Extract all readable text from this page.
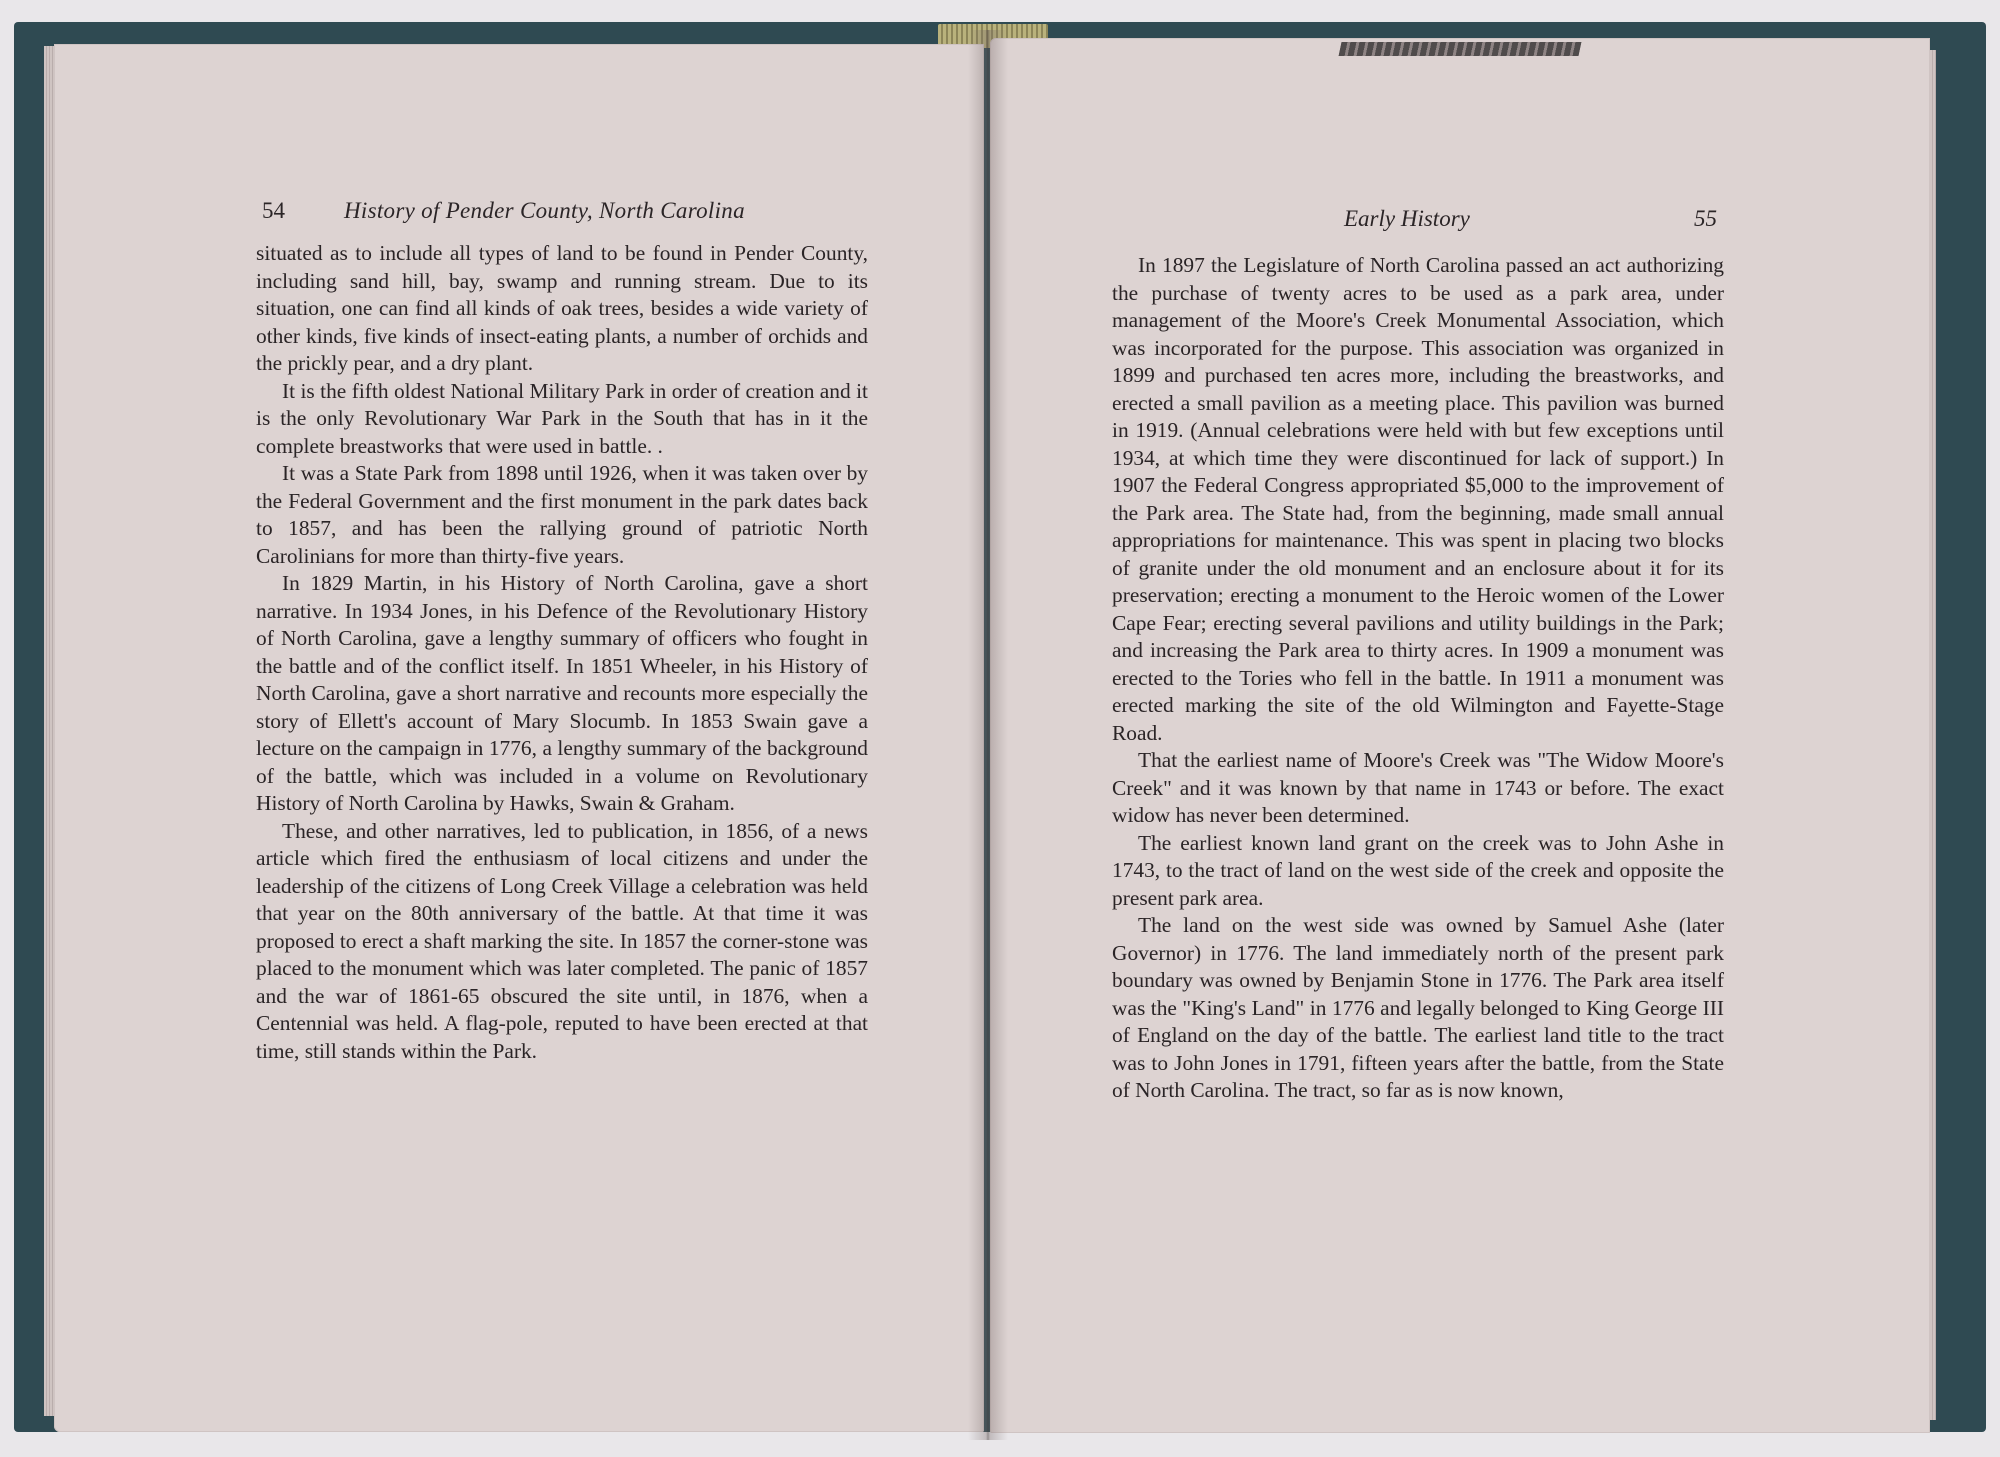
54	History of Pender County, North Carolina

situated as to include all types of land to be found in Pender County, including sand hill, bay, swamp and running stream. Due to its situation, one can find all kinds of oak trees, besides a wide variety of other kinds, five kinds of insect-eating plants, a number of orchids and the prickly pear, and a dry plant.

It is the fifth oldest National Military Park in order of creation and it is the only Revolutionary War Park in the South that has in it the complete breastworks that were used in battle. .

It was a State Park from 1898 until 1926, when it was taken over by the Federal Government and the first monument in the park dates back to 1857, and has been the rallying ground of patriotic North Carolinians for more than thirty-five years.

In 1829 Martin, in his History of North Carolina, gave a short narrative. In 1934 Jones, in his Defence of the Revolutionary History of North Carolina, gave a lengthy summary of officers who fought in the battle and of the conflict itself. In 1851 Wheeler, in his History of North Carolina, gave a short narrative and recounts more especially the story of Ellett's account of Mary Slocumb. In 1853 Swain gave a lecture on the campaign in 1776, a lengthy summary of the background of the battle, which was included in a volume on Revolutionary History of North Carolina by Hawks, Swain & Graham.

These, and other narratives, led to publication, in 1856, of a news article which fired the enthusiasm of local citizens and under the leadership of the citizens of Long Creek Village a celebration was held that year on the 80th anniversary of the battle. At that time it was proposed to erect a shaft marking the site. In 1857 the corner-stone was placed to the monument which was later completed. The panic of 1857 and the war of 1861-65 obscured the site until, in 1876, when a Centennial was held. A flag-pole, reputed to have been erected at that time, still stands within the Park.

Early History	55

In 1897 the Legislature of North Carolina passed an act authorizing the purchase of twenty acres to be used as a park area, under management of the Moore's Creek Monumental Association, which was incorporated for the purpose. This association was organized in 1899 and purchased ten acres more, including the breastworks, and erected a small pavilion as a meeting place. This pavilion was burned in 1919. (Annual celebrations were held with but few exceptions until 1934, at which time they were discontinued for lack of support.) In 1907 the Federal Congress appropriated $5,000 to the improvement of the Park area. The State had, from the beginning, made small annual appropriations for maintenance. This was spent in placing two blocks of granite under the old monument and an enclosure about it for its preservation; erecting a monument to the Heroic women of the Lower Cape Fear; erecting several pavilions and utility buildings in the Park; and increasing the Park area to thirty acres. In 1909 a monument was erected to the Tories who fell in the battle. In 1911 a monument was erected marking the site of the old Wilmington and Fayette-Stage Road.

That the earliest name of Moore's Creek was "The Widow Moore's Creek" and it was known by that name in 1743 or before. The exact widow has never been determined.

The earliest known land grant on the creek was to John Ashe in 1743, to the tract of land on the west side of the creek and opposite the present park area.

The land on the west side was owned by Samuel Ashe (later Governor) in 1776. The land immediately north of the present park boundary was owned by Benjamin Stone in 1776. The Park area itself was the "King's Land" in 1776 and legally belonged to King George III of England on the day of the battle. The earliest land title to the tract was to John Jones in 1791, fifteen years after the battle, from the State of North Carolina. The tract, so far as is now known,
